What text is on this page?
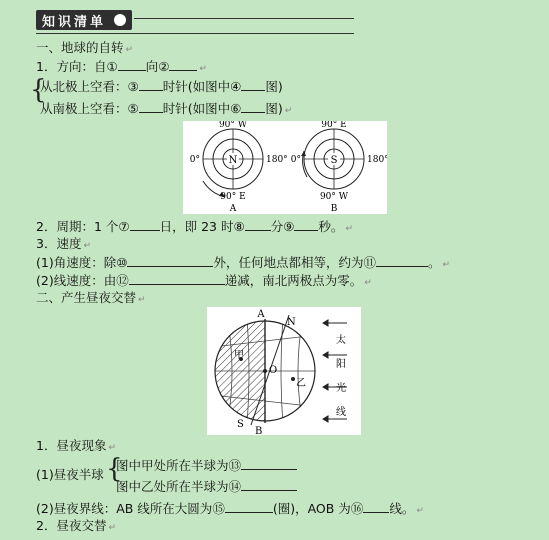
知识清单
一、地球的自转 ↵
1．方向：自① 向②	↵
{
从北极上空看：③ 时针(如图中④ 图)
从南极上空看：⑤ 时针(如图中⑥ 图) ↵
N
90° W
0°	180°
90° E
A
S
90° E
0°	180°
90° W
B
2．周期：1 个⑦ 日，即 23 时⑧ 分⑨ 秒。 ↵
3．速度 ↵
(1)角速度：除⑩	外，任何地点都相等，约为⑪	。 ↵
(2)线速度：由⑫	递减，南北两极点为零。 ↵
二、产生昼夜交替 ↵
A
N
S
B
O
甲
乙
太
阳
光
线
1．昼夜现象 ↵
(1)昼夜半球 {
图中甲处所在半球为⑬
图中乙处所在半球为⑭
(2)昼夜界线：AB 线所在大圆为⑮	(圈)，AOB 为⑯ 线。 ↵
2．昼夜交替 ↵
